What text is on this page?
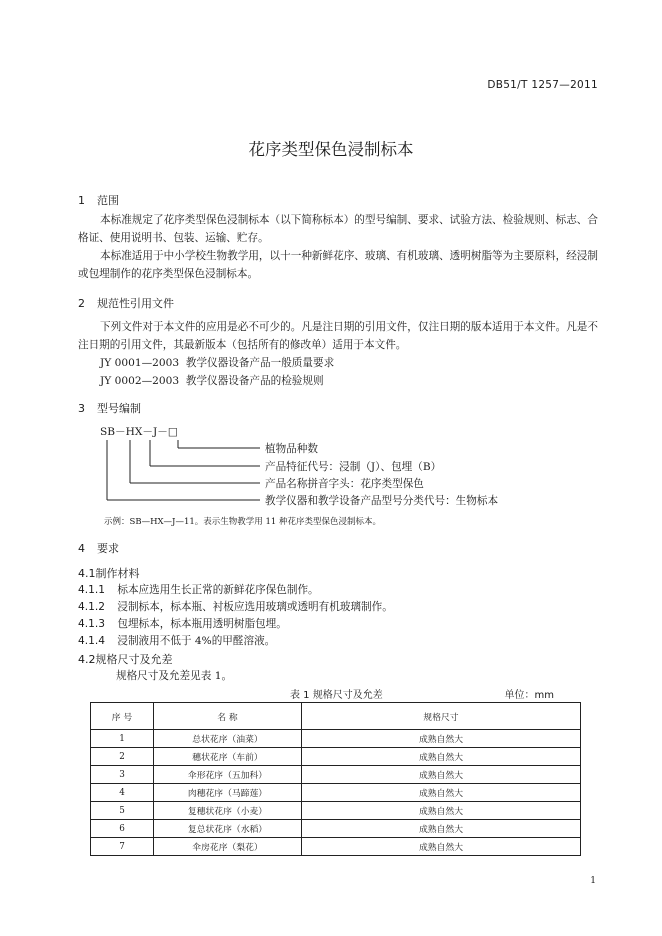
DB51/T 1257—2011
花序类型保色浸制标本
1 范围
本标准规定了花序类型保色浸制标本（以下简称标本）的型号编制、要求、试验方法、检验规则、标志、合格证、使用说明书、包装、运输、贮存。
本标准适用于中小学校生物教学用，以十一种新鲜花序、玻璃、有机玻璃、透明树脂等为主要原料，经浸制或包埋制作的花序类型保色浸制标本。
2 规范性引用文件
下列文件对于本文件的应用是必不可少的。凡是注日期的引用文件，仅注日期的版本适用于本文件。凡是不注日期的引用文件，其最新版本（包括所有的修改单）适用于本文件。
JY 0001—2003 教学仪器设备产品一般质量要求
JY 0002—2003 教学仪器设备产品的检验规则
3 型号编制
SB－HX－J－□
植物品种数
产品特征代号：浸制（J）、包埋（B）
产品名称拼音字头：花序类型保色
教学仪器和教学设备产品型号分类代号：生物标本
示例：SB—HX—J—11。表示生物教学用 11 种花序类型保色浸制标本。
4 要求
4.1制作材料
4.1.1 标本应选用生长正常的新鲜花序保色制作。
4.1.2 浸制标本，标本瓶、衬板应选用玻璃或透明有机玻璃制作。
4.1.3 包埋标本，标本瓶用透明树脂包埋。
4.1.4 浸制液用不低于 4%的甲醛溶液。
4.2规格尺寸及允差
规格尺寸及允差见表 1。
表 1 规格尺寸及允差	单位：mm
序 号	名 称	规格尺寸
1	总状花序（油菜）	成熟自然大
2	穗状花序（车前）	成熟自然大
3	伞形花序（五加科）	成熟自然大
4	肉穗花序（马蹄莲）	成熟自然大
5	复穗状花序（小麦）	成熟自然大
6	复总状花序（水稻）	成熟自然大
7	伞房花序（梨花）	成熟自然大
1
